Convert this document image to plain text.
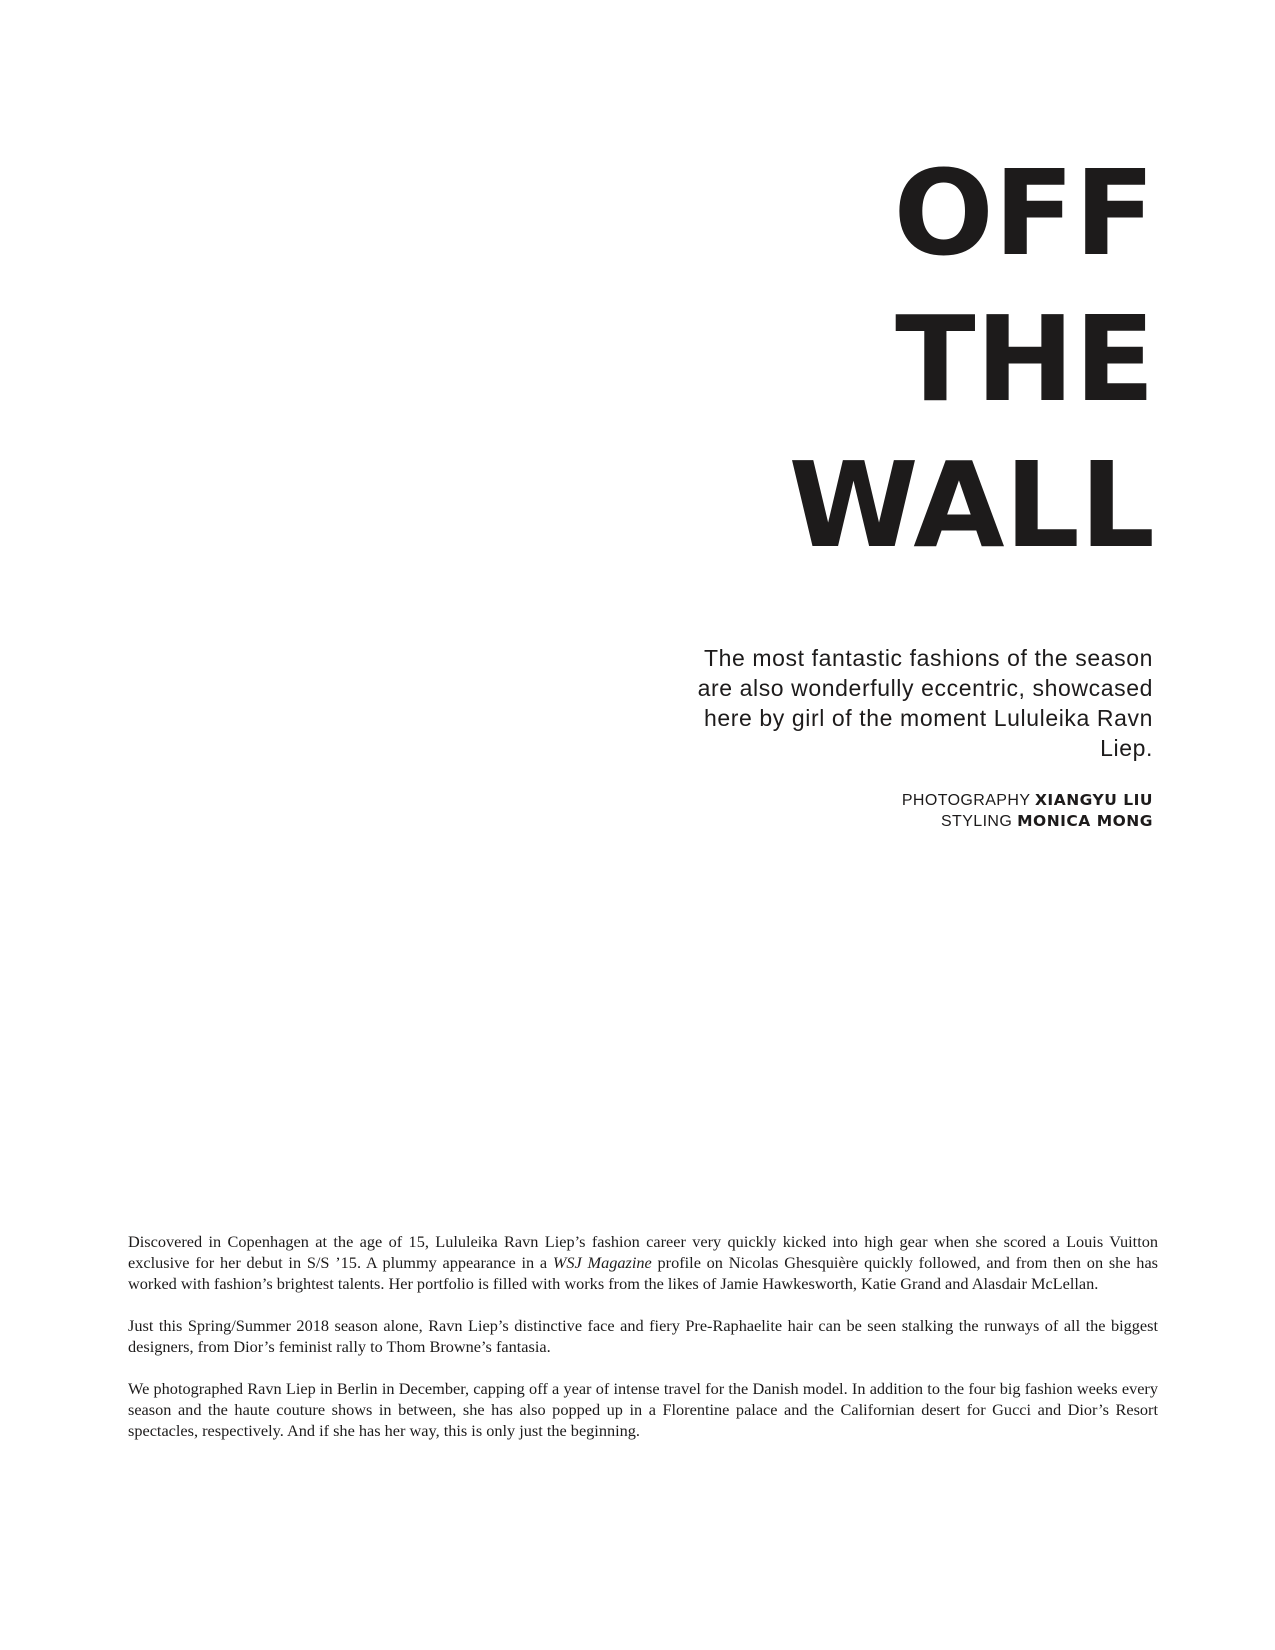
OFF
THE
WALL

The most fantastic fashions of the season are also wonderfully eccentric, showcased here by girl of the moment Lululeika Ravn Liep.

PHOTOGRAPHY XIANGYU LIU
STYLING MONICA MONG

Discovered in Copenhagen at the age of 15, Lululeika Ravn Liep’s fashion career very quickly kicked into high gear when she scored a Louis Vuitton exclusive for her debut in S/S ’15. A plummy appearance in a WSJ Magazine profile on Nicolas Ghesquière quickly followed, and from then on she has worked with fashion’s brightest talents. Her portfolio is filled with works from the likes of Jamie Hawkesworth, Katie Grand and Alasdair McLellan.

Just this Spring/Summer 2018 season alone, Ravn Liep’s distinctive face and fiery Pre-Raphaelite hair can be seen stalking the runways of all the biggest designers, from Dior’s feminist rally to Thom Browne’s fantasia.

We photographed Ravn Liep in Berlin in December, capping off a year of intense travel for the Danish model. In addition to the four big fashion weeks every season and the haute couture shows in between, she has also popped up in a Florentine palace and the Californian desert for Gucci and Dior’s Resort spectacles, respectively. And if she has her way, this is only just the beginning.
